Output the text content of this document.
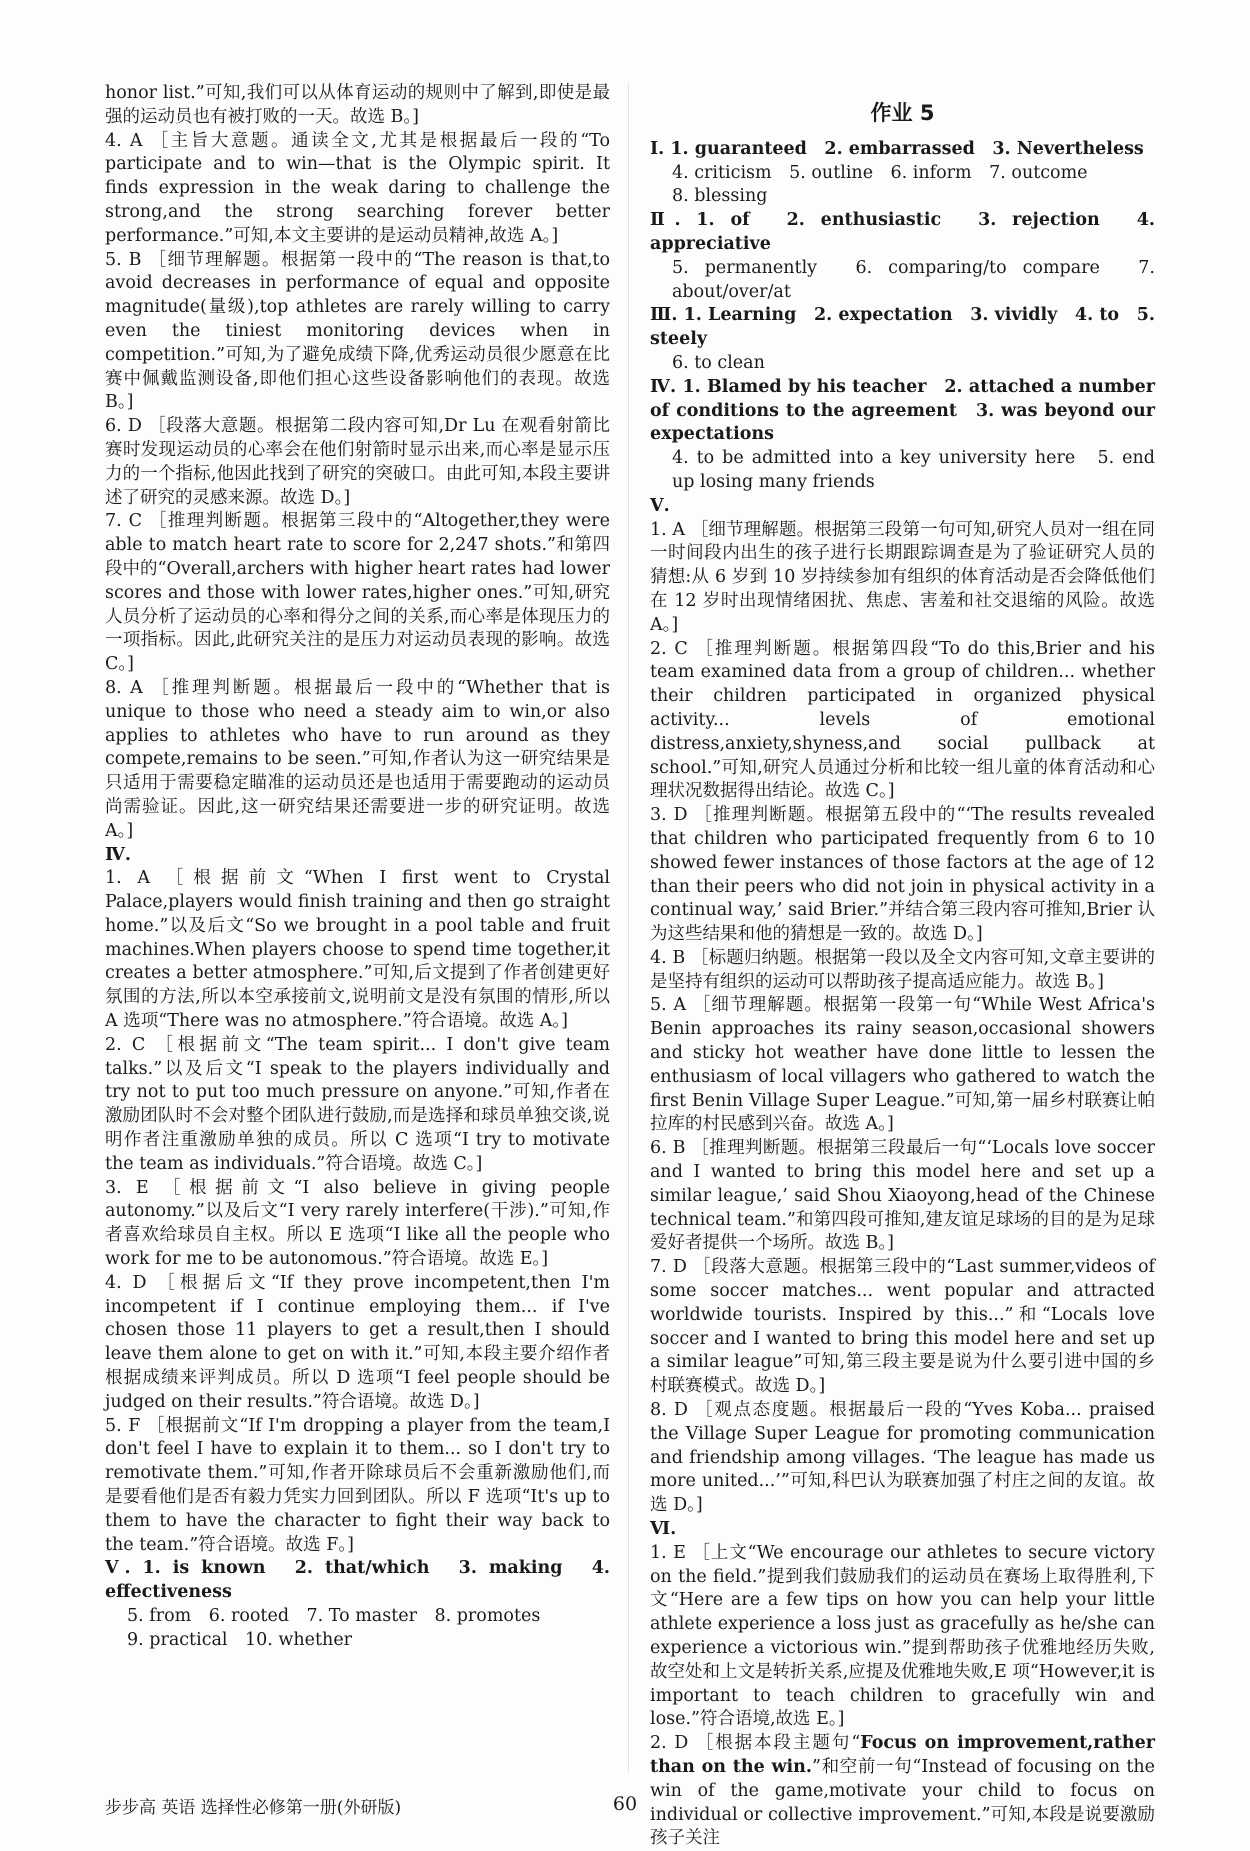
honor list.”可知,我们可以从体育运动的规则中了解到,即使是最强的运动员也有被打败的一天。故选 B。]
4. A ［主旨大意题。通读全文,尤其是根据最后一段的“To participate and to win—that is the Olympic spirit. It finds expression in the weak daring to challenge the strong,and the strong searching forever better performance.”可知,本文主要讲的是运动员精神,故选 A。]
5. B ［细节理解题。根据第一段中的“The reason is that,to avoid decreases in performance of equal and opposite magnitude(量级),top athletes are rarely willing to carry even the tiniest monitoring devices when in competition.”可知,为了避免成绩下降,优秀运动员很少愿意在比赛中佩戴监测设备,即他们担心这些设备影响他们的表现。故选 B。]
6. D ［段落大意题。根据第二段内容可知,Dr Lu 在观看射箭比赛时发现运动员的心率会在他们射箭时显示出来,而心率是显示压力的一个指标,他因此找到了研究的突破口。由此可知,本段主要讲述了研究的灵感来源。故选 D。]
7. C ［推理判断题。根据第三段中的“Altogether,they were able to match heart rate to score for 2,247 shots.”和第四段中的“Overall,archers with higher heart rates had lower scores and those with lower rates,higher ones.”可知,研究人员分析了运动员的心率和得分之间的关系,而心率是体现压力的一项指标。因此,此研究关注的是压力对运动员表现的影响。故选 C。]
8. A ［推理判断题。根据最后一段中的“Whether that is unique to those who need a steady aim to win,or also applies to athletes who have to run around as they compete,remains to be seen.”可知,作者认为这一研究结果是只适用于需要稳定瞄准的运动员还是也适用于需要跑动的运动员尚需验证。因此,这一研究结果还需要进一步的研究证明。故选 A。]
Ⅳ.
1. A ［根据前文“When I first went to Crystal Palace,players would finish training and then go straight home.”以及后文“So we brought in a pool table and fruit machines.When players choose to spend time together,it creates a better atmosphere.”可知,后文提到了作者创建更好氛围的方法,所以本空承接前文,说明前文是没有氛围的情形,所以 A 选项“There was no atmosphere.”符合语境。故选 A。]
2. C ［根据前文“The team spirit... I don't give team talks.”以及后文“I speak to the players individually and try not to put too much pressure on anyone.”可知,作者在激励团队时不会对整个团队进行鼓励,而是选择和球员单独交谈,说明作者注重激励单独的成员。所以 C 选项“I try to motivate the team as individuals.”符合语境。故选 C。]
3. E ［根据前文“I also believe in giving people autonomy.”以及后文“I very rarely interfere(干涉).”可知,作者喜欢给球员自主权。所以 E 选项“I like all the people who work for me to be autonomous.”符合语境。故选 E。]
4. D ［根据后文“If they prove incompetent,then I'm incompetent if I continue employing them... if I've chosen those 11 players to get a result,then I should leave them alone to get on with it.”可知,本段主要介绍作者根据成绩来评判成员。所以 D 选项“I feel people should be judged on their results.”符合语境。故选 D。]
5. F ［根据前文“If I'm dropping a player from the team,I don't feel I have to explain it to them... so I don't try to remotivate them.”可知,作者开除球员后不会重新激励他们,而是要看他们是否有毅力凭实力回到团队。所以 F 选项“It's up to them to have the character to fight their way back to the team.”符合语境。故选 F。]
Ⅴ. 1. is known　2. that/which　3. making　4. effectiveness
5. from　6. rooted　7. To master　8. promotes
9. practical　10. whether
作业 5
Ⅰ. 1. guaranteed　2. embarrassed　3. Nevertheless
4. criticism　5. outline　6. inform　7. outcome
8. blessing
Ⅱ. 1. of　2. enthusiastic　3. rejection　4. appreciative
5. permanently　6. comparing/to compare　7. about/over/at
Ⅲ. 1. Learning　2. expectation　3. vividly　4. to　5. steely
6. to clean
Ⅳ. 1. Blamed by his teacher　2. attached a number of conditions to the agreement　3. was beyond our expectations
4. to be admitted into a key university here　5. end up losing many friends
Ⅴ.
1. A ［细节理解题。根据第三段第一句可知,研究人员对一组在同一时间段内出生的孩子进行长期跟踪调查是为了验证研究人员的猜想:从 6 岁到 10 岁持续参加有组织的体育活动是否会降低他们在 12 岁时出现情绪困扰、焦虑、害羞和社交退缩的风险。故选 A。]
2. C ［推理判断题。根据第四段“To do this,Brier and his team examined data from a group of children... whether their children participated in organized physical activity... levels of emotional distress,anxiety,shyness,and social pullback at school.”可知,研究人员通过分析和比较一组儿童的体育活动和心理状况数据得出结论。故选 C。]
3. D ［推理判断题。根据第五段中的“‘The results revealed that children who participated frequently from 6 to 10 showed fewer instances of those factors at the age of 12 than their peers who did not join in physical activity in a continual way,’ said Brier.”并结合第三段内容可推知,Brier 认为这些结果和他的猜想是一致的。故选 D。]
4. B ［标题归纳题。根据第一段以及全文内容可知,文章主要讲的是坚持有组织的运动可以帮助孩子提高适应能力。故选 B。]
5. A ［细节理解题。根据第一段第一句“While West Africa's Benin approaches its rainy season,occasional showers and sticky hot weather have done little to lessen the enthusiasm of local villagers who gathered to watch the first Benin Village Super League.”可知,第一届乡村联赛让帕拉库的村民感到兴奋。故选 A。]
6. B ［推理判断题。根据第三段最后一句“‘Locals love soccer and I wanted to bring this model here and set up a similar league,’ said Shou Xiaoyong,head of the Chinese technical team.”和第四段可推知,建友谊足球场的目的是为足球爱好者提供一个场所。故选 B。]
7. D ［段落大意题。根据第三段中的“Last summer,videos of some soccer matches... went popular and attracted worldwide tourists. Inspired by this...”和“Locals love soccer and I wanted to bring this model here and set up a similar league”可知,第三段主要是说为什么要引进中国的乡村联赛模式。故选 D。]
8. D ［观点态度题。根据最后一段的“Yves Koba... praised the Village Super League for promoting communication and friendship among villages. ‘The league has made us more united...’”可知,科巴认为联赛加强了村庄之间的友谊。故选 D。]
Ⅵ.
1. E ［上文“We encourage our athletes to secure victory on the field.”提到我们鼓励我们的运动员在赛场上取得胜利,下文“Here are a few tips on how you can help your little athlete experience a loss just as gracefully as he/she can experience a victorious win.”提到帮助孩子优雅地经历失败,故空处和上文是转折关系,应提及优雅地失败,E 项“However,it is important to teach children to gracefully win and lose.”符合语境,故选 E。]
2. D ［根据本段主题句“Focus on improvement,rather than on the win.”和空前一句“Instead of focusing on the win of the game,motivate your child to focus on individual or collective improvement.”可知,本段是说要激励孩子关注
步步高 英语 选择性必修第一册(外研版)	60
